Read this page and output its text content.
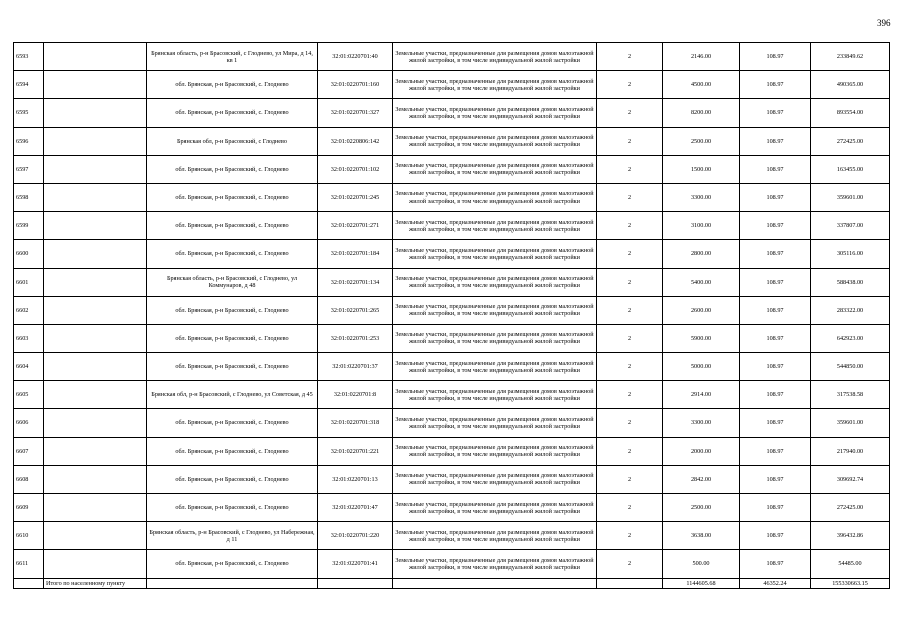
396
6593		Брянская область, р-н Брасовский, с Глоднево, ул Мира, д 14, кв 1	32:01:0220701:40	Земельные участки, предназначенные для размещения домов малоэтажной жилой застройки, в том числе индивидуальной жилой застройки	2	2146.00	108.97	233849.62
6594		обл. Брянская, р-н Брасовский, с. Глоднево	32:01:0220701:160	Земельные участки, предназначенные для размещения домов малоэтажной жилой застройки, в том числе индивидуальной жилой застройки	2	4500.00	108.97	490365.00
6595		обл. Брянская, р-н Брасовский, с. Глоднево	32:01:0220701:327	Земельные участки, предназначенные для размещения домов малоэтажной жилой застройки, в том числе индивидуальной жилой застройки	2	8200.00	108.97	893554.00
6596		Брянская обл, р-н Брасовский, с Глоднево	32:01:0220806:142	Земельные участки, предназначенные для размещения домов малоэтажной жилой застройки, в том числе индивидуальной жилой застройки	2	2500.00	108.97	272425.00
6597		обл. Брянская, р-н Брасовский, с. Глоднево	32:01:0220701:102	Земельные участки, предназначенные для размещения домов малоэтажной жилой застройки, в том числе индивидуальной жилой застройки	2	1500.00	108.97	163455.00
6598		обл. Брянская, р-н Брасовский, с. Глоднево	32:01:0220701:245	Земельные участки, предназначенные для размещения домов малоэтажной жилой застройки, в том числе индивидуальной жилой застройки	2	3300.00	108.97	359601.00
6599		обл. Брянская, р-н Брасовский, с. Глоднево	32:01:0220701:271	Земельные участки, предназначенные для размещения домов малоэтажной жилой застройки, в том числе индивидуальной жилой застройки	2	3100.00	108.97	337807.00
6600		обл. Брянская, р-н Брасовский, с. Глоднево	32:01:0220701:184	Земельные участки, предназначенные для размещения домов малоэтажной жилой застройки, в том числе индивидуальной жилой застройки	2	2800.00	108.97	305116.00
6601		Брянская область, р-н Брасовский, с Глоднево, ул Коммунаров, д 48	32:01:0220701:134	Земельные участки, предназначенные для размещения домов малоэтажной жилой застройки, в том числе индивидуальной жилой застройки	2	5400.00	108.97	588438.00
6602		обл. Брянская, р-н Брасовский, с. Глоднево	32:01:0220701:265	Земельные участки, предназначенные для размещения домов малоэтажной жилой застройки, в том числе индивидуальной жилой застройки	2	2600.00	108.97	283322.00
6603		обл. Брянская, р-н Брасовский, с. Глоднево	32:01:0220701:253	Земельные участки, предназначенные для размещения домов малоэтажной жилой застройки, в том числе индивидуальной жилой застройки	2	5900.00	108.97	642923.00
6604		обл. Брянская, р-н Брасовский, с. Глоднево	32:01:0220701:37	Земельные участки, предназначенные для размещения домов малоэтажной жилой застройки, в том числе индивидуальной жилой застройки	2	5000.00	108.97	544850.00
6605		Брянская обл, р-н Брасовский, с Глоднево, ул Советская, д 45	32:01:0220701:8	Земельные участки, предназначенные для размещения домов малоэтажной жилой застройки, в том числе индивидуальной жилой застройки	2	2914.00	108.97	317538.58
6606		обл. Брянская, р-н Брасовский, с. Глоднево	32:01:0220701:318	Земельные участки, предназначенные для размещения домов малоэтажной жилой застройки, в том числе индивидуальной жилой застройки	2	3300.00	108.97	359601.00
6607		обл. Брянская, р-н Брасовский, с. Глоднево	32:01:0220701:221	Земельные участки, предназначенные для размещения домов малоэтажной жилой застройки, в том числе индивидуальной жилой застройки	2	2000.00	108.97	217940.00
6608		обл. Брянская, р-н Брасовский, с. Глоднево	32:01:0220701:13	Земельные участки, предназначенные для размещения домов малоэтажной жилой застройки, в том числе индивидуальной жилой застройки	2	2842.00	108.97	309692.74
6609		обл. Брянская, р-н Брасовский, с. Глоднево	32:01:0220701:47	Земельные участки, предназначенные для размещения домов малоэтажной жилой застройки, в том числе индивидуальной жилой застройки	2	2500.00	108.97	272425.00
6610		Брянская область, р-н Брасовский, с Глоднево, ул Набережная, д 11	32:01:0220701:220	Земельные участки, предназначенные для размещения домов малоэтажной жилой застройки, в том числе индивидуальной жилой застройки	2	3638.00	108.97	396432.86
6611		обл. Брянская, р-н Брасовский, с. Глоднево	32:01:0220701:41	Земельные участки, предназначенные для размещения домов малоэтажной жилой застройки, в том числе индивидуальной жилой застройки	2	500.00	108.97	54485.00
	Итого по населенному пункту					1144605.68	46352.24	155330663.15
